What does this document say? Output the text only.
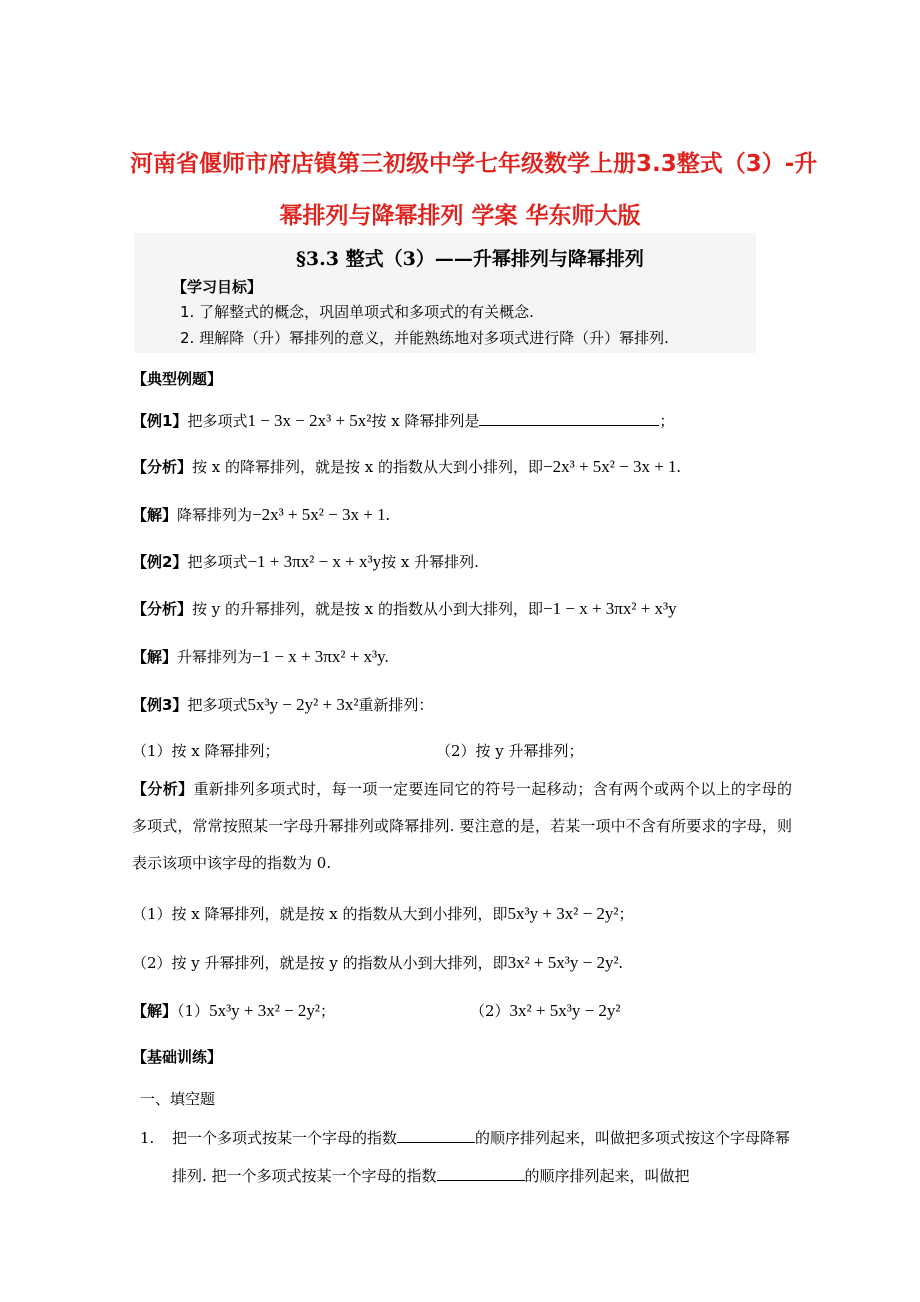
河南省偃师市府店镇第三初级中学七年级数学上册3.3整式（3）-升
幂排列与降幂排列 学案 华东师大版
§3.3 整式（3）——升幂排列与降幂排列
【学习目标】
1. 了解整式的概念，巩固单项式和多项式的有关概念.
2. 理解降（升）幂排列的意义，并能熟练地对多项式进行降（升）幂排列.
【典型例题】
【例1】把多项式1 − 3x − 2x³ + 5x²按 x 降幂排列是	；
【分析】按 x 的降幂排列，就是按 x 的指数从大到小排列，即−2x³ + 5x² − 3x + 1.
【解】降幂排列为−2x³ + 5x² − 3x + 1.
【例2】把多项式−1 + 3πx² − x + x³y按 x 升幂排列.
【分析】按 y 的升幂排列，就是按 x 的指数从小到大排列，即−1 − x + 3πx² + x³y
【解】升幂排列为−1 − x + 3πx² + x³y.
【例3】把多项式5x³y − 2y² + 3x²重新排列：
（1）按 x 降幂排列；	（2）按 y 升幂排列；

【分析】重新排列多项式时，每一项一定要连同它的符号一起移动；含有两个或两个以上的字母的多项式，常常按照某一字母升幂排列或降幂排列. 要注意的是，若某一项中不含有所要求的字母，则表示该项中该字母的指数为 0.

（1）按 x 降幂排列，就是按 x 的指数从大到小排列，即5x³y + 3x² − 2y²；
（2）按 y 升幂排列，就是按 y 的指数从小到大排列，即3x² + 5x³y − 2y².
【解】（1）5x³y + 3x² − 2y²；	（2）3x² + 5x³y − 2y²
【基础训练】
一、填空题
1.	把一个多项式按某一个字母的指数	的顺序排列起来，叫做把多项式按这个字母降幂排列. 把一个多项式按某一个字母的指数	的顺序排列起来，叫做把
